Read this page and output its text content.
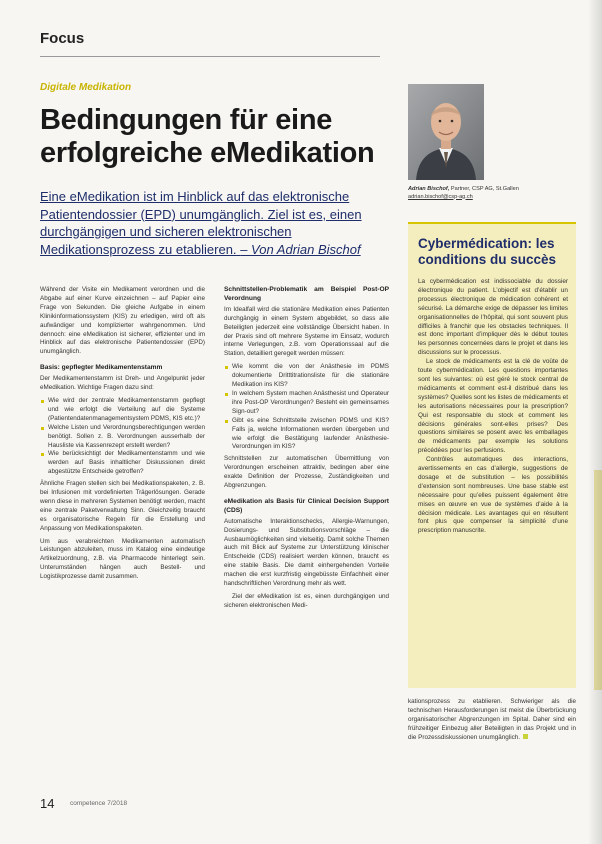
Focus
Digitale Medikation
Bedingungen für eine erfolgreiche eMedikation
Eine eMedikation ist im Hinblick auf das elektronische Patientendossier (EPD) unumgänglich. Ziel ist es, einen durchgängigen und sicheren elektronischen Medikationsprozess zu etablieren. – Von Adrian Bischof

Während der Visite ein Medikament verordnen und die Abgabe auf einer Kurve einzeichnen – auf Papier eine Frage von Sekunden. Die gleiche Aufgabe in einem Klinikinformationssystem (KIS) zu erledigen, wird oft als aufwändiger und komplizierter wahrgenommen. Und dennoch: eine eMedikation ist sicherer, effizienter und im Hinblick auf das elektronische Patientendossier (EPD) unumgänglich.

Basis: gepflegter Medikamentenstamm

Der Medikamentenstamm ist Dreh- und Angelpunkt jeder eMedikation. Wichtige Fragen dazu sind:

Wie wird der zentrale Medikamentenstamm gepflegt und wie erfolgt die Verteilung auf die Systeme (Patientendatenmanagementsystem PDMS, KIS etc.)?
Welche Listen und Verordnungsberechtigungen werden benötigt. Sollen z. B. Verordnungen ausserhalb der Hausliste via Kassenrezept erstellt werden?
Wie berücksichtigt der Medikamentenstamm und wie werden auf Basis inhaltlicher Diskussionen direkt abgestützte Entscheide getroffen?

Ähnliche Fragen stellen sich bei Medikationspaketen, z. B. bei Infusionen mit vordefinierten Trägerlösungen. Gerade wenn diese in mehreren Systemen benötigt werden, macht eine zentrale Paketverwaltung Sinn. Gleichzeitig braucht es organisatorische Regeln für die Erstellung und Anpassung von Medikationspaketen.

Um aus verabreichten Medikamenten automatisch Leistungen abzuleiten, muss im Katalog eine eindeutige Artikelzuordnung, z.B. via Pharmacode hinterlegt sein. Unterumständen hängen auch Bestell- und Logistikprozesse damit zusammen.

Schnittstellen-Problematik am Beispiel Post-OP Verordnung

Im Idealfall wird die stationäre Medikation eines Patienten durchgängig in einem System abgebildet, so dass alle Beteiligten jederzeit eine vollständige Übersicht haben. In der Praxis sind oft mehrere Systeme im Einsatz, wodurch interne Verlegungen, z.B. vom Operationssaal auf die Station, detailliert geregelt werden müssen:

Wie kommt die von der Anästhesie im PDMS dokumentierte Dritttitrationsliste für die stationäre Medikation ins KIS?
In welchem System machen Anästhesist und Operateur ihre Post-OP Verordnungen? Besteht ein gemeinsames Sign-out?
Gibt es eine Schnittstelle zwischen PDMS und KIS? Falls ja, welche Informationen werden übergeben und wie erfolgt die Bestätigung laufender Anästhesie-Verordnungen im KIS?

Schnittstellen zur automatischen Übermittlung von Verordnungen erscheinen attraktiv, bedingen aber eine exakte Definition der Prozesse, Zuständigkeiten und Abgrenzungen.

eMedikation als Basis für Clinical Decision Support (CDS)

Automatische Interaktionschecks, Allergie-Warnungen, Dosierungs- und Substitutionsvorschläge – die Ausbaumöglichkeiten sind vielseitig. Damit solche Themen auch mit Blick auf Systeme zur Unterstützung klinischer Entscheide (CDS) realisiert werden können, braucht es eine stabile Basis. Die damit einhergehenden Vorteile machen die erst kurzfristig eingebüsste Einfachheit einer handschriftlichen Verordnung mehr als wett.

Ziel der eMedikation ist es, einen durchgängigen und sicheren elektronischen Medi-

Adrian Bischof, Partner, CSP AG, St.Gallen
adrian.bischof@csp-ag.ch
Cybermédication: les conditions du succès

La cybermédication est indissociable du dossier électronique du patient. L’objectif est d’établir un processus électronique de médication cohérent et sécurisé. La démarche exige de dépasser les limites organisationnelles de l’hôpital, qui sont souvent plus difficiles à franchir que les obstacles techniques. Il est donc important d’impliquer dès le début toutes les personnes concernées dans le projet et dans les discussions sur le processus.

Le stock de médicaments est la clé de voûte de toute cybermédication. Les questions importantes sont les suivantes: où est géré le stock central de médicaments et comment est-il distribué dans les systèmes? Quelles sont les listes de médicaments et les autorisations nécessaires pour la prescription? Qui est responsable du stock et comment les décisions générales sont-elles prises? Des questions similaires se posent avec les emballages de médicaments par exemple les solutions précédées pour les perfusions.

Contrôles automatiques des interactions, avertissements en cas d’allergie, suggestions de dosage et de substitution – les possibilités d’extension sont nombreuses. Une base stable est nécessaire pour qu’elles puissent également être mises en œuvre en vue de systèmes d’aide à la décision médicale. Les avantages qui en résultent font plus que compenser la simplicité d’une prescription manuscrite.

kationsprozess zu etablieren. Schwieriger als die technischen Herausforderungen ist meist die Überbrückung organisatorischer Abgrenzungen im Spital. Daher sind ein frühzeitiger Einbezug aller Beteiligten in das Projekt und in die Prozessdiskussionen unumgänglich.

14 competence 7/2018
